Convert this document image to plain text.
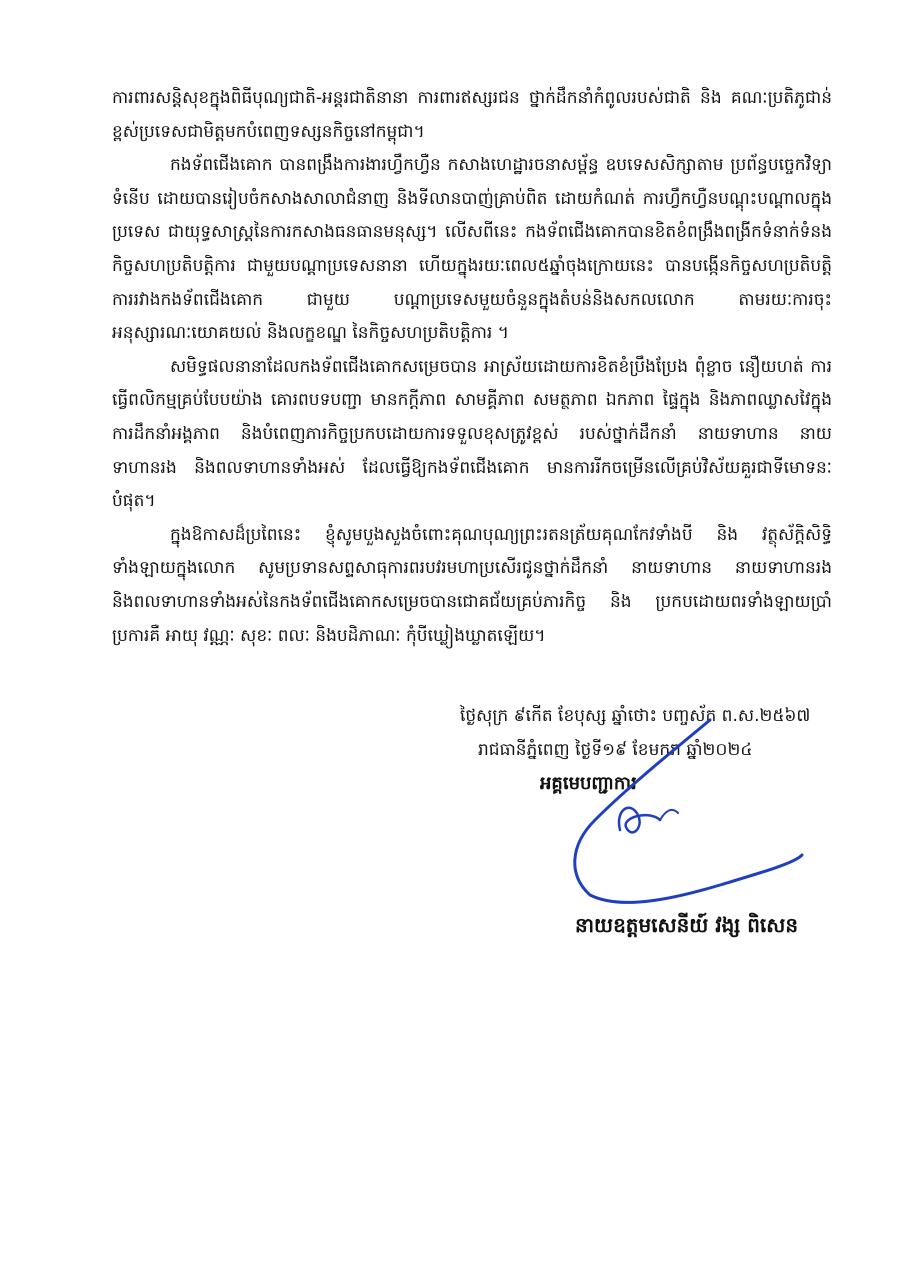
ការពារសន្តិសុខក្នុងពិធីបុណ្យជាតិ-អន្តរជាតិនានា ការពារឥស្សរជន ថ្នាក់ដឹកនាំកំពូលរបស់ជាតិ និង គណៈប្រតិភូជាន់ខ្ពស់ប្រទេសជាមិត្តមកបំពេញទស្សនកិច្ចនៅកម្ពុជា។

កងទ័ពជើងគោក បានពង្រឹងការងារហ្វឹកហ្វឺន កសាងហេដ្ឋារចនាសម្ព័ន្ធ ឧបទេសសិក្សាតាម ប្រព័ន្ធបច្ចេកវិទ្យាទំនើប ដោយបានរៀបចំកសាងសាលាជំនាញ និងទីលានបាញ់គ្រាប់ពិត ដោយកំណត់ ការហ្វឹកហ្វឺនបណ្តុះបណ្តាលក្នុងប្រទេស ជាយុទ្ធសាស្ត្រនៃការកសាងធនធានមនុស្ស។ លើសពីនេះ កងទ័ពជើងគោកបានខិតខំពង្រឹងពង្រីកទំនាក់ទំនងកិច្ចសហប្រតិបត្តិការ ជាមួយបណ្តាប្រទេសនានា ហើយក្នុងរយៈពេល៥ឆ្នាំចុងក្រោយនេះ បានបង្កើនកិច្ចសហប្រតិបត្តិការរវាងកងទ័ពជើងគោក ជាមួយ បណ្តាប្រទេសមួយចំនួនក្នុងតំបន់និងសកលលោក តាមរយៈការចុះអនុស្សារណៈយោគយល់ និងលក្ខខណ្ឌ នៃកិច្ចសហប្រតិបត្តិការ ។

សមិទ្ធផលនានាដែលកងទ័ពជើងគោកសម្រេចបាន អាស្រ័យដោយការខិតខំប្រឹងប្រែង ពុំខ្លាច នឿយហត់ ការធ្វើពលិកម្មគ្រប់បែបយ៉ាង គោរពបទបញ្ជា មានកក្តីភាព សាមគ្គីភាព សមត្ថភាព ឯកភាព ផ្ទៃក្នុង និងភាពឈ្លាសវៃក្នុងការដឹកនាំអង្គភាព និងបំពេញភារកិច្ចប្រកបដោយការទទួលខុសត្រូវខ្ពស់ របស់ថ្នាក់ដឹកនាំ នាយទាហាន នាយទាហានរង និងពលទាហានទាំងអស់ ដែលធ្វើឱ្យកងទ័ពជើងគោក មានការរីកចម្រើនលើគ្រប់វិស័យគួរជាទីមោទនៈបំផុត។

ក្នុងឱកាសដ៏ប្រពៃនេះ ខ្ញុំសូមបួងសួងចំពោះគុណបុណ្យព្រះរតនត្រ័យគុណកែវទាំងបី និង វត្ថុស័ក្តិសិទ្ធិទាំងឡាយក្នុងលោក សូមប្រទានសព្ទសាធុការពរបវរមហាប្រសើរជូនថ្នាក់ដឹកនាំ នាយទាហាន នាយទាហានរង និងពលទាហានទាំងអស់នៃកងទ័ពជើងគោកសម្រេចបានជោគជ័យគ្រប់ភារកិច្ច និង ប្រកបដោយពរទាំងឡាយប្រាំប្រការគឺ អាយុ វណ្ណៈ សុខៈ ពលៈ និងបដិភាណៈ កុំបីឃ្លៀងឃ្លាតឡើយ។

ថ្ងៃសុក្រ ៩កើត ខែបុស្ស ឆ្នាំថោះ បញ្ចស័ក ព.ស.២៥៦៧
រាជធានីភ្នំពេញ ថ្ងៃទី១៩ ខែមករា ឆ្នាំ២០២៤
អគ្គមេបញ្ជាការ
នាយឧត្តមសេនីយ៍ វង្ស ពិសេន
